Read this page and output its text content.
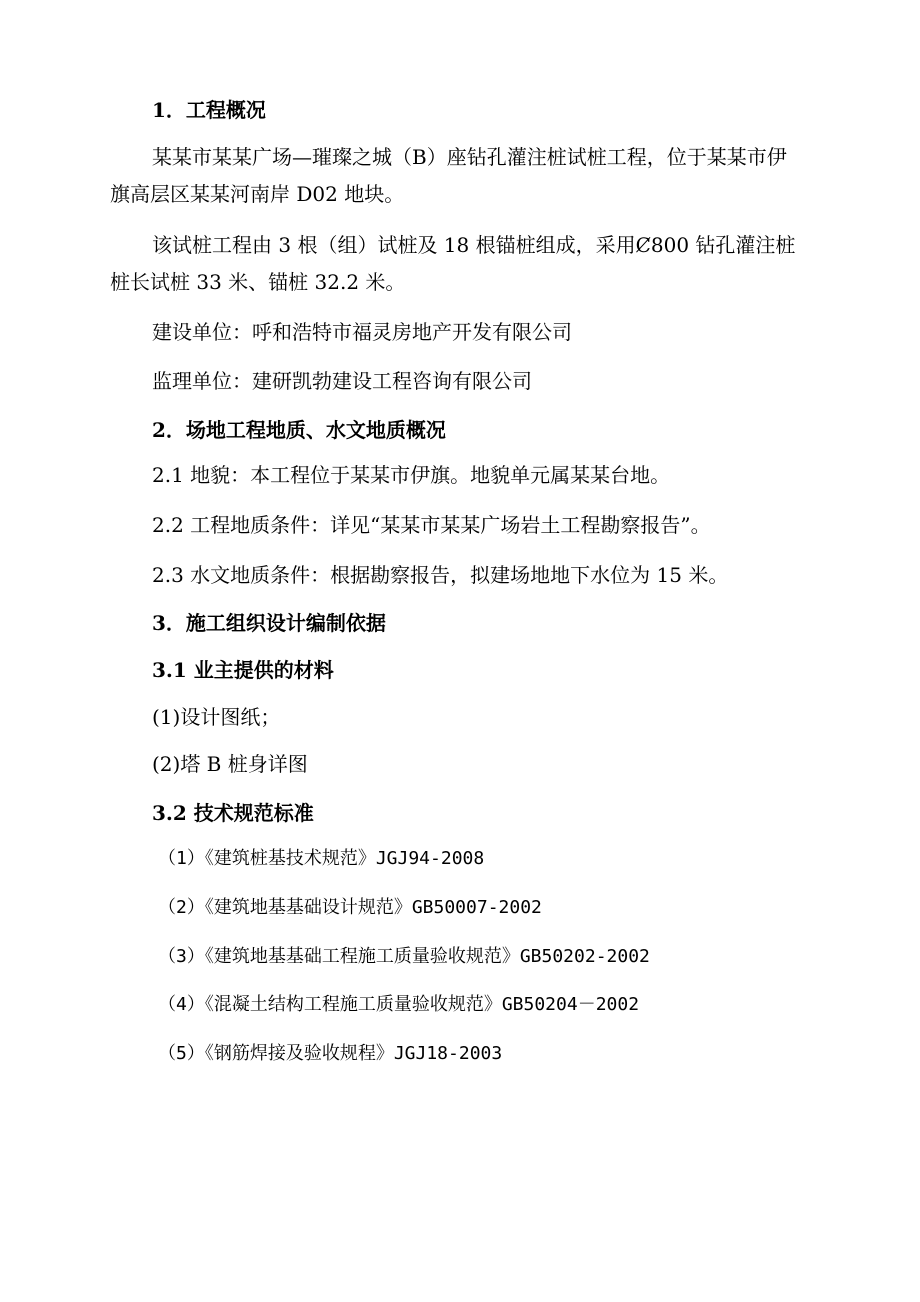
1．工程概况
某某市某某广场—璀璨之城（B）座钻孔灌注桩试桩工程，位于某某市伊
旗高层区某某河南岸 D02 地块。
该试桩工程由 3 根（组）试桩及 18 根锚桩组成，采用Ȼ800 钻孔灌注桩
桩长试桩 33 米、锚桩 32.2 米。
建设单位：呼和浩特市福灵房地产开发有限公司
监理单位：建研凯勃建设工程咨询有限公司
2．场地工程地质、水文地质概况
2.1 地貌：本工程位于某某市伊旗。地貌单元属某某台地。
2.2 工程地质条件：详见“某某市某某广场岩土工程勘察报告”。
2.3 水文地质条件：根据勘察报告，拟建场地地下水位为 15 米。
3．施工组织设计编制依据
3.1 业主提供的材料
(1)设计图纸；
(2)塔 B 桩身详图
3.2 技术规范标准
（1）《建筑桩基技术规范》JGJ94-2008
（2）《建筑地基基础设计规范》GB50007-2002
（3）《建筑地基基础工程施工质量验收规范》GB50202-2002
（4）《混凝土结构工程施工质量验收规范》GB50204－2002
（5）《钢筋焊接及验收规程》JGJ18-2003
